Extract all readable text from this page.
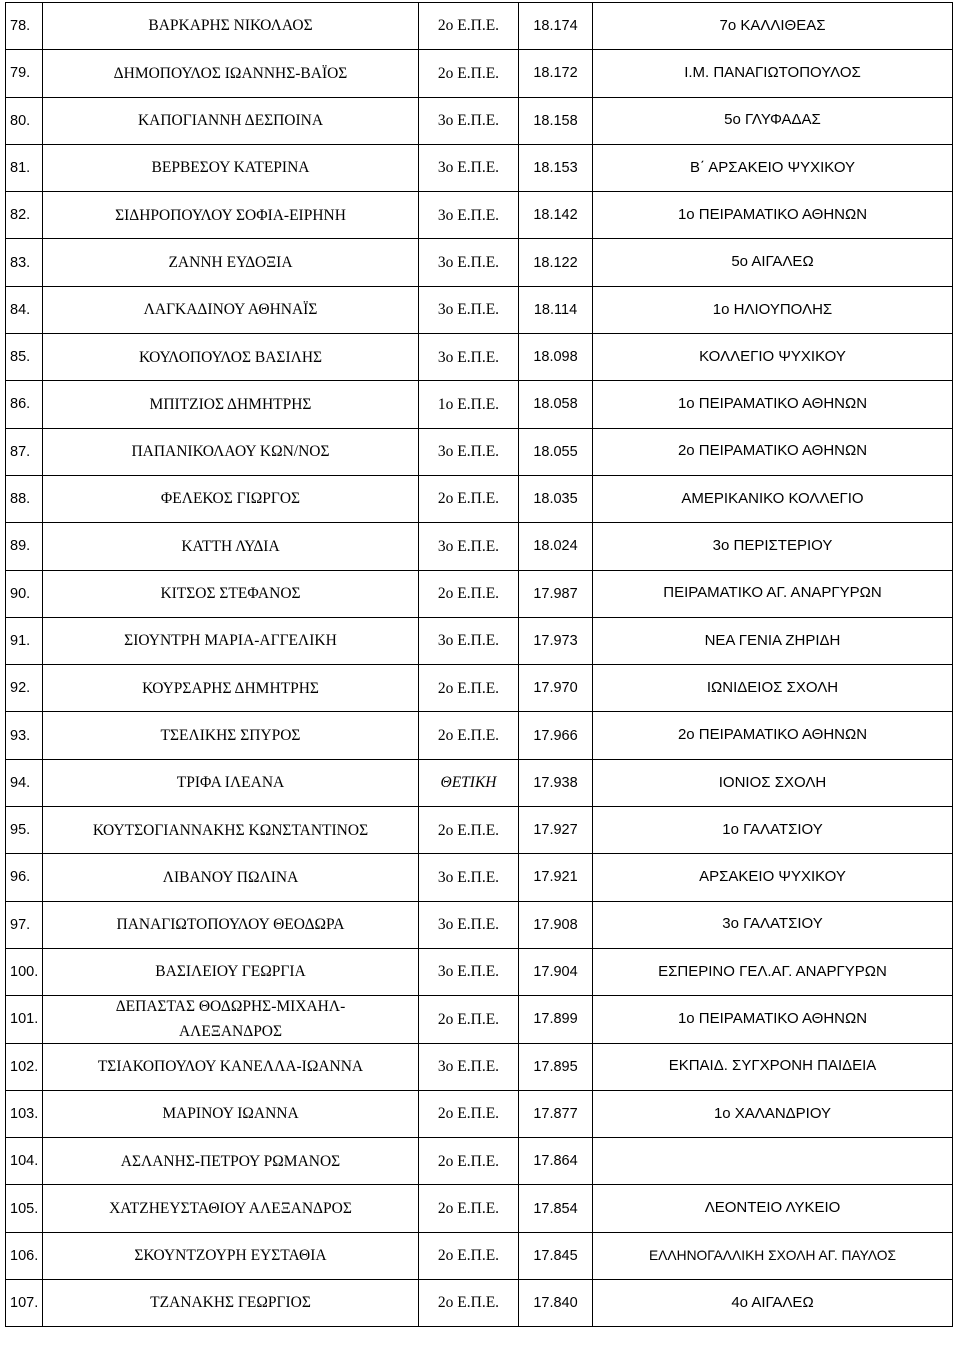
78.	ΒΑΡΚΑΡΗΣ ΝΙΚΟΛΑΟΣ	2ο Ε.Π.Ε.	18.174	7ο ΚΑΛΛΙΘΕΑΣ
79.	ΔΗΜΟΠΟΥΛΟΣ ΙΩΑΝΝΗΣ-ΒΑΪΟΣ	2ο Ε.Π.Ε.	18.172	Ι.Μ. ΠΑΝΑΓΙΩΤΟΠΟΥΛΟΣ
80.	ΚΑΠΟΓΙΑΝΝΗ ΔΕΣΠΟΙΝΑ	3ο Ε.Π.Ε.	18.158	5ο ΓΛΥΦΑΔΑΣ
81.	ΒΕΡΒΕΣΟΥ ΚΑΤΕΡΙΝΑ	3ο Ε.Π.Ε.	18.153	Β΄ ΑΡΣΑΚΕΙΟ ΨΥΧΙΚΟΥ
82.	ΣΙΔΗΡΟΠΟΥΛΟΥ ΣΟΦΙΑ-ΕΙΡΗΝΗ	3ο Ε.Π.Ε.	18.142	1ο ΠΕΙΡΑΜΑΤΙΚΟ ΑΘΗΝΩΝ
83.	ΖΑΝΝΗ ΕΥΔΟΞΙΑ	3ο Ε.Π.Ε.	18.122	5ο ΑΙΓΑΛΕΩ
84.	ΛΑΓΚΑΔΙΝΟΥ ΑΘΗΝΑΪΣ	3ο Ε.Π.Ε.	18.114	1ο ΗΛΙΟΥΠΟΛΗΣ
85.	ΚΟΥΛΟΠΟΥΛΟΣ ΒΑΣΙΛΗΣ	3ο Ε.Π.Ε.	18.098	ΚΟΛΛΕΓΙΟ ΨΥΧΙΚΟΥ
86.	ΜΠΙΤΖΙΟΣ ΔΗΜΗΤΡΗΣ	1ο Ε.Π.Ε.	18.058	1ο ΠΕΙΡΑΜΑΤΙΚΟ ΑΘΗΝΩΝ
87.	ΠΑΠΑΝΙΚΟΛΑΟΥ ΚΩΝ/ΝΟΣ	3ο Ε.Π.Ε.	18.055	2ο ΠΕΙΡΑΜΑΤΙΚΟ ΑΘΗΝΩΝ
88.	ΦΕΛΕΚΟΣ ΓΙΩΡΓΟΣ	2ο Ε.Π.Ε.	18.035	ΑΜΕΡΙΚΑΝΙΚΟ ΚΟΛΛΕΓΙΟ
89.	ΚΑΤΤΗ ΛΥΔΙΑ	3ο Ε.Π.Ε.	18.024	3ο ΠΕΡΙΣΤΕΡΙΟΥ
90.	ΚΙΤΣΟΣ ΣΤΕΦΑΝΟΣ	2ο Ε.Π.Ε.	17.987	ΠΕΙΡΑΜΑΤΙΚΟ ΑΓ. ΑΝΑΡΓΥΡΩΝ
91.	ΣΙΟΥΝΤΡΗ ΜΑΡΙΑ-ΑΓΓΕΛΙΚΗ	3ο Ε.Π.Ε.	17.973	ΝΕΑ ΓΕΝΙΑ ΖΗΡΙΔΗ
92.	ΚΟΥΡΣΑΡΗΣ ΔΗΜΗΤΡΗΣ	2ο Ε.Π.Ε.	17.970	ΙΩΝΙΔΕΙΟΣ ΣΧΟΛΗ
93.	ΤΣΕΛΙΚΗΣ ΣΠΥΡΟΣ	2ο Ε.Π.Ε.	17.966	2ο ΠΕΙΡΑΜΑΤΙΚΟ ΑΘΗΝΩΝ
94.	ΤΡΙΦΑ ΙΛΕΑΝΑ	ΘΕΤΙΚΗ	17.938	ΙΟΝΙΟΣ ΣΧΟΛΗ
95.	ΚΟΥΤΣΟΓΙΑΝΝΑΚΗΣ ΚΩΝΣΤΑΝΤΙΝΟΣ	2ο Ε.Π.Ε.	17.927	1ο ΓΑΛΑΤΣΙΟΥ
96.	ΛΙΒΑΝΟΥ ΠΩΛΙΝΑ	3ο Ε.Π.Ε.	17.921	ΑΡΣΑΚΕΙΟ ΨΥΧΙΚΟΥ
97.	ΠΑΝΑΓΙΩΤΟΠΟΥΛΟΥ ΘΕΟΔΩΡΑ	3ο Ε.Π.Ε.	17.908	3ο ΓΑΛΑΤΣΙΟΥ
100.	ΒΑΣΙΛΕΙΟΥ ΓΕΩΡΓΙΑ	3ο Ε.Π.Ε.	17.904	ΕΣΠΕΡΙΝΟ ΓΕΛ.ΑΓ. ΑΝΑΡΓΥΡΩΝ
101.	ΔΕΠΑΣΤΑΣ ΘΟΔΩΡΗΣ-ΜΙΧΑΗΛ-
ΑΛΕΞΑΝΔΡΟΣ	2ο Ε.Π.Ε.	17.899	1ο ΠΕΙΡΑΜΑΤΙΚΟ ΑΘΗΝΩΝ
102.	ΤΣΙΑΚΟΠΟΥΛΟΥ ΚΑΝΕΛΛΑ-ΙΩΑΝΝΑ	3ο Ε.Π.Ε.	17.895	ΕΚΠΑΙΔ. ΣΥΓΧΡΟΝΗ ΠΑΙΔΕΙΑ
103.	ΜΑΡΙΝΟΥ ΙΩΑΝΝΑ	2ο Ε.Π.Ε.	17.877	1ο ΧΑΛΑΝΔΡΙΟΥ
104.	ΑΣΛΑΝΗΣ-ΠΕΤΡΟΥ ΡΩΜΑΝΟΣ	2ο Ε.Π.Ε.	17.864	
105.	ΧΑΤΖΗΕΥΣΤΑΘΙΟΥ ΑΛΕΞΑΝΔΡΟΣ	2ο Ε.Π.Ε.	17.854	ΛΕΟΝΤΕΙΟ ΛΥΚΕΙΟ
106.	ΣΚΟΥΝΤΖΟΥΡΗ ΕΥΣΤΑΘΙΑ	2ο Ε.Π.Ε.	17.845	ΕΛΛΗΝΟΓΑΛΛΙΚΗ ΣΧΟΛΗ ΑΓ. ΠΑΥΛΟΣ
107.	ΤΖΑΝΑΚΗΣ ΓΕΩΡΓΙΟΣ	2ο Ε.Π.Ε.	17.840	4ο ΑΙΓΑΛΕΩ
